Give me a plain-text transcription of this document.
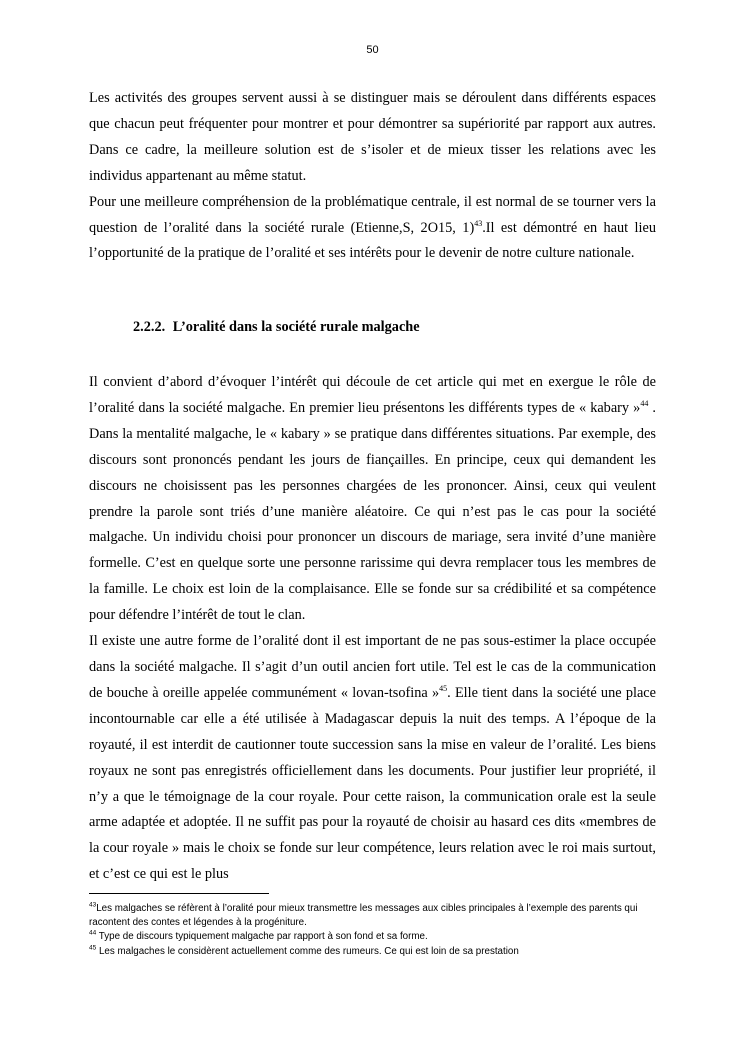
50

Les activités des groupes servent aussi à se distinguer mais se déroulent dans différents espaces que chacun peut fréquenter pour montrer et pour démontrer sa supériorité par rapport aux autres. Dans ce cadre, la meilleure solution est de s’isoler et de mieux tisser les relations avec les individus appartenant au même statut.

Pour une meilleure compréhension de la problématique centrale, il est normal de se tourner vers la question de l’oralité dans la société rurale (Etienne,S, 2O15, 1)$^{43}$.Il est démontré en haut lieu l’opportunité de la pratique de l’oralité et ses intérêts pour le devenir de notre culture nationale.

2.2.2. L’oralité dans la société rurale malgache

Il convient d’abord d’évoquer l’intérêt qui découle de cet article qui met en exergue le rôle de l’oralité dans la société malgache. En premier lieu présentons les différents types de « kabary »$^{44}$ . Dans la mentalité malgache, le « kabary » se pratique dans différentes situations. Par exemple, des discours sont prononcés pendant les jours de fiançailles. En principe, ceux qui demandent les discours ne choisissent pas les personnes chargées de les prononcer. Ainsi, ceux qui veulent prendre la parole sont triés d’une manière aléatoire. Ce qui n’est pas le cas pour la société malgache. Un individu choisi pour prononcer un discours de mariage, sera invité d’une manière formelle. C’est en quelque sorte une personne rarissime qui devra remplacer tous les membres de la famille. Le choix est loin de la complaisance. Elle se fonde sur sa crédibilité et sa compétence pour défendre l’intérêt de tout le clan.

Il existe une autre forme de l’oralité dont il est important de ne pas sous-estimer la place occupée dans la société malgache. Il s’agit d’un outil ancien fort utile. Tel est le cas de la communication de bouche à oreille appelée communément « lovan-tsofina »$^{45}$. Elle tient dans la société une place incontournable car elle a été utilisée à Madagascar depuis la nuit des temps. A l’époque de la royauté, il est interdit de cautionner toute succession sans la mise en valeur de l’oralité. Les biens royaux ne sont pas enregistrés officiellement dans les documents. Pour justifier leur propriété, il n’y a que le témoignage de la cour royale. Pour cette raison, la communication orale est la seule arme adaptée et adoptée. Il ne suffit pas pour la royauté de choisir au hasard ces dits «membres de la cour royale » mais le choix se fonde sur leur compétence, leurs relation avec le roi mais surtout, et c’est ce qui est le plus

$^{43}$Les malgaches se réfèrent à l’oralité pour mieux transmettre les messages aux cibles principales à l’exemple des parents qui racontent des contes et légendes à la progéniture.

$^{44}$ Type de discours typiquement malgache par rapport à son fond et sa forme.

$^{45}$ Les malgaches le considèrent actuellement comme des rumeurs. Ce qui est loin de sa prestation
